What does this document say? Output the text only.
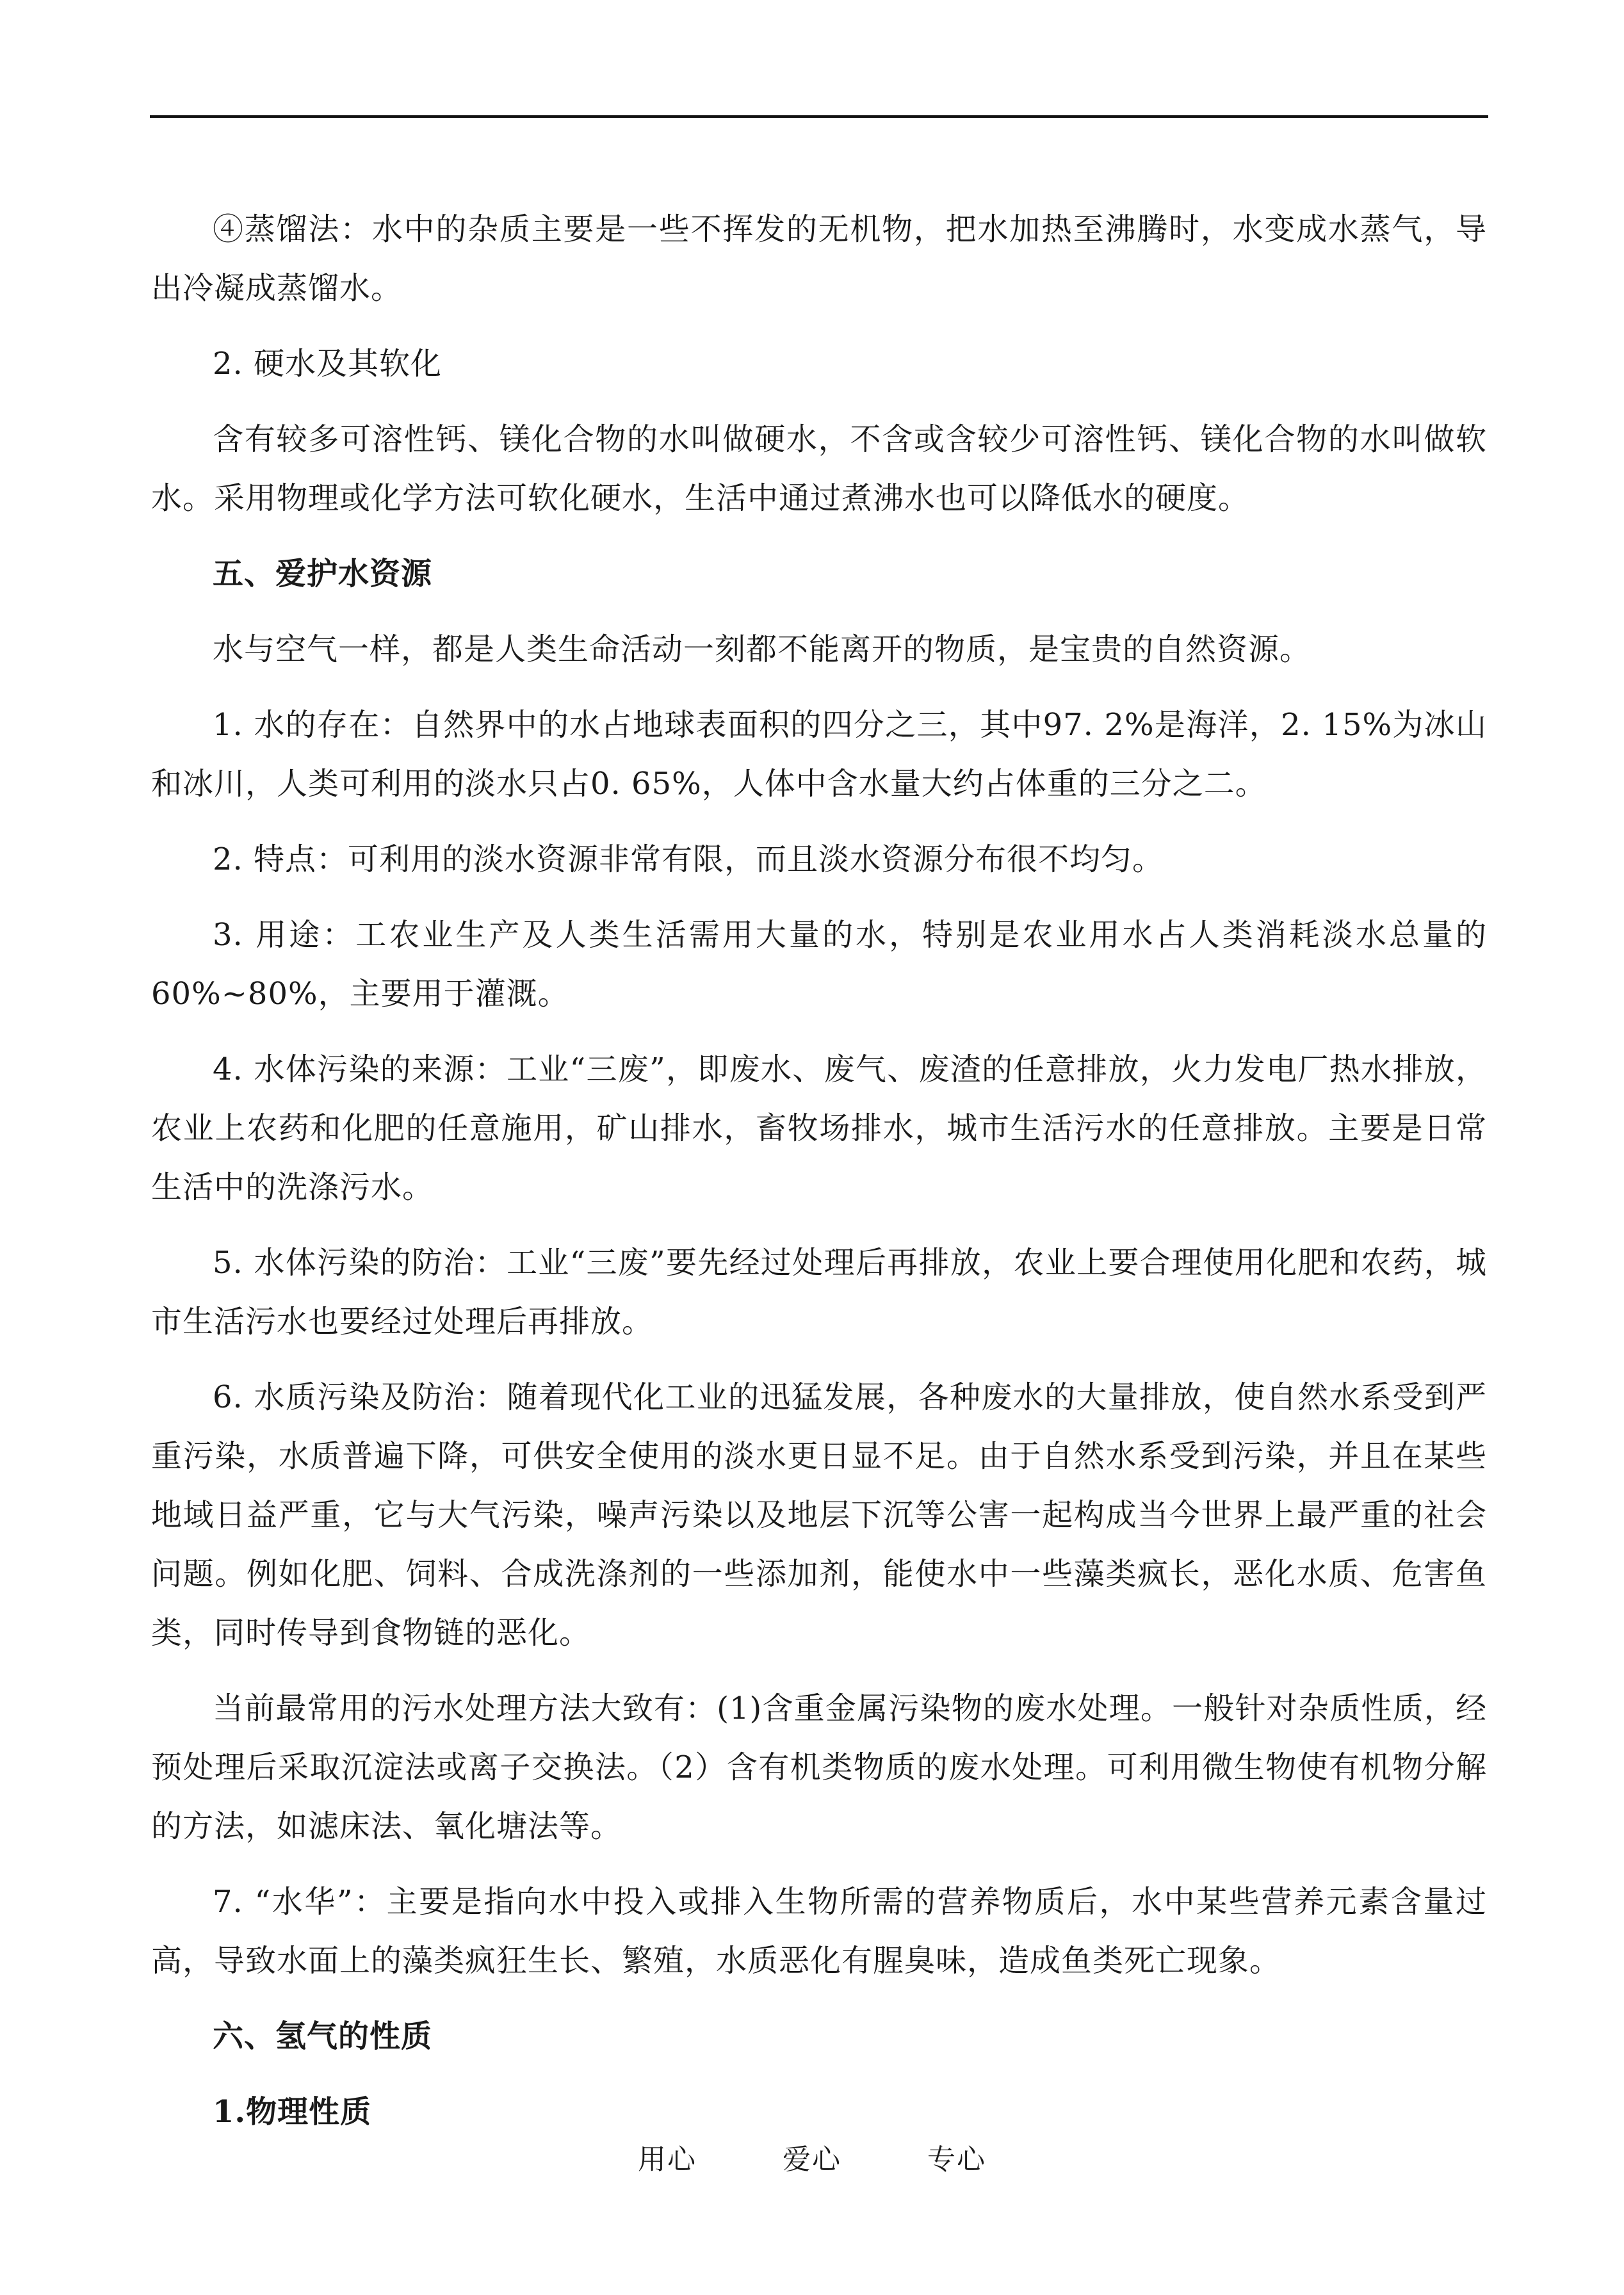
④蒸馏法：水中的杂质主要是一些不挥发的无机物，把水加热至沸腾时，水变成水蒸气，导出冷凝成蒸馏水。

2. 硬水及其软化

含有较多可溶性钙、镁化合物的水叫做硬水，不含或含较少可溶性钙、镁化合物的水叫做软水。采用物理或化学方法可软化硬水，生活中通过煮沸水也可以降低水的硬度。

五、爱护水资源

水与空气一样，都是人类生命活动一刻都不能离开的物质，是宝贵的自然资源。

1. 水的存在：自然界中的水占地球表面积的四分之三，其中97. 2%是海洋，2. 15%为冰山和冰川，人类可利用的淡水只占0. 65%，人体中含水量大约占体重的三分之二。

2. 特点：可利用的淡水资源非常有限，而且淡水资源分布很不均匀。

3. 用途：工农业生产及人类生活需用大量的水，特别是农业用水占人类消耗淡水总量的60%~80%，主要用于灌溉。

4. 水体污染的来源：工业“三废”，即废水、废气、废渣的任意排放，火力发电厂热水排放，农业上农药和化肥的任意施用，矿山排水，畜牧场排水，城市生活污水的任意排放。主要是日常生活中的洗涤污水。

5. 水体污染的防治：工业“三废”要先经过处理后再排放，农业上要合理使用化肥和农药，城市生活污水也要经过处理后再排放。

6. 水质污染及防治：随着现代化工业的迅猛发展，各种废水的大量排放，使自然水系受到严重污染，水质普遍下降，可供安全使用的淡水更日显不足。由于自然水系受到污染，并且在某些地域日益严重，它与大气污染，噪声污染以及地层下沉等公害一起构成当今世界上最严重的社会问题。例如化肥、饲料、合成洗涤剂的一些添加剂，能使水中一些藻类疯长，恶化水质、危害鱼类，同时传导到食物链的恶化。

当前最常用的污水处理方法大致有：(1)含重金属污染物的废水处理。一般针对杂质性质，经预处理后采取沉淀法或离子交换法。（2）含有机类物质的废水处理。可利用微生物使有机物分解的方法，如滤床法、氧化塘法等。

7. “水华”：主要是指向水中投入或排入生物所需的营养物质后，水中某些营养元素含量过高，导致水面上的藻类疯狂生长、繁殖，水质恶化有腥臭味，造成鱼类死亡现象。

六、氢气的性质

1.物理性质

用心	爱心	专心
